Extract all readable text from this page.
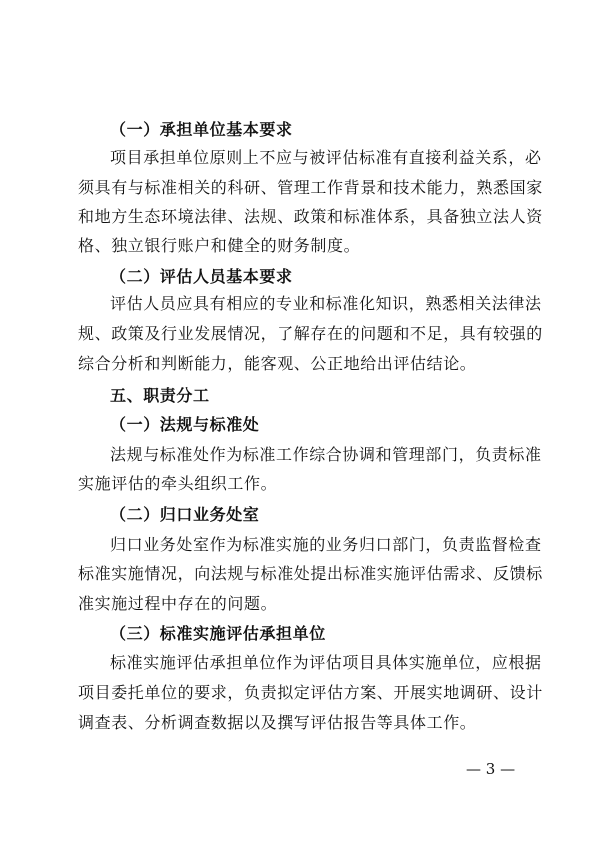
（一）承担单位基本要求
项目承担单位原则上不应与被评估标准有直接利益关系，必
须具有与标准相关的科研、管理工作背景和技术能力，熟悉国家
和地方生态环境法律、法规、政策和标准体系，具备独立法人资
格、独立银行账户和健全的财务制度。
（二）评估人员基本要求
评估人员应具有相应的专业和标准化知识，熟悉相关法律法
规、政策及行业发展情况，了解存在的问题和不足，具有较强的
综合分析和判断能力，能客观、公正地给出评估结论。
五、职责分工
（一）法规与标准处
法规与标准处作为标准工作综合协调和管理部门，负责标准
实施评估的牵头组织工作。
（二）归口业务处室
归口业务处室作为标准实施的业务归口部门，负责监督检查
标准实施情况，向法规与标准处提出标准实施评估需求、反馈标
准实施过程中存在的问题。
（三）标准实施评估承担单位
标准实施评估承担单位作为评估项目具体实施单位，应根据
项目委托单位的要求，负责拟定评估方案、开展实地调研、设计
调查表、分析调查数据以及撰写评估报告等具体工作。
— 3 —
